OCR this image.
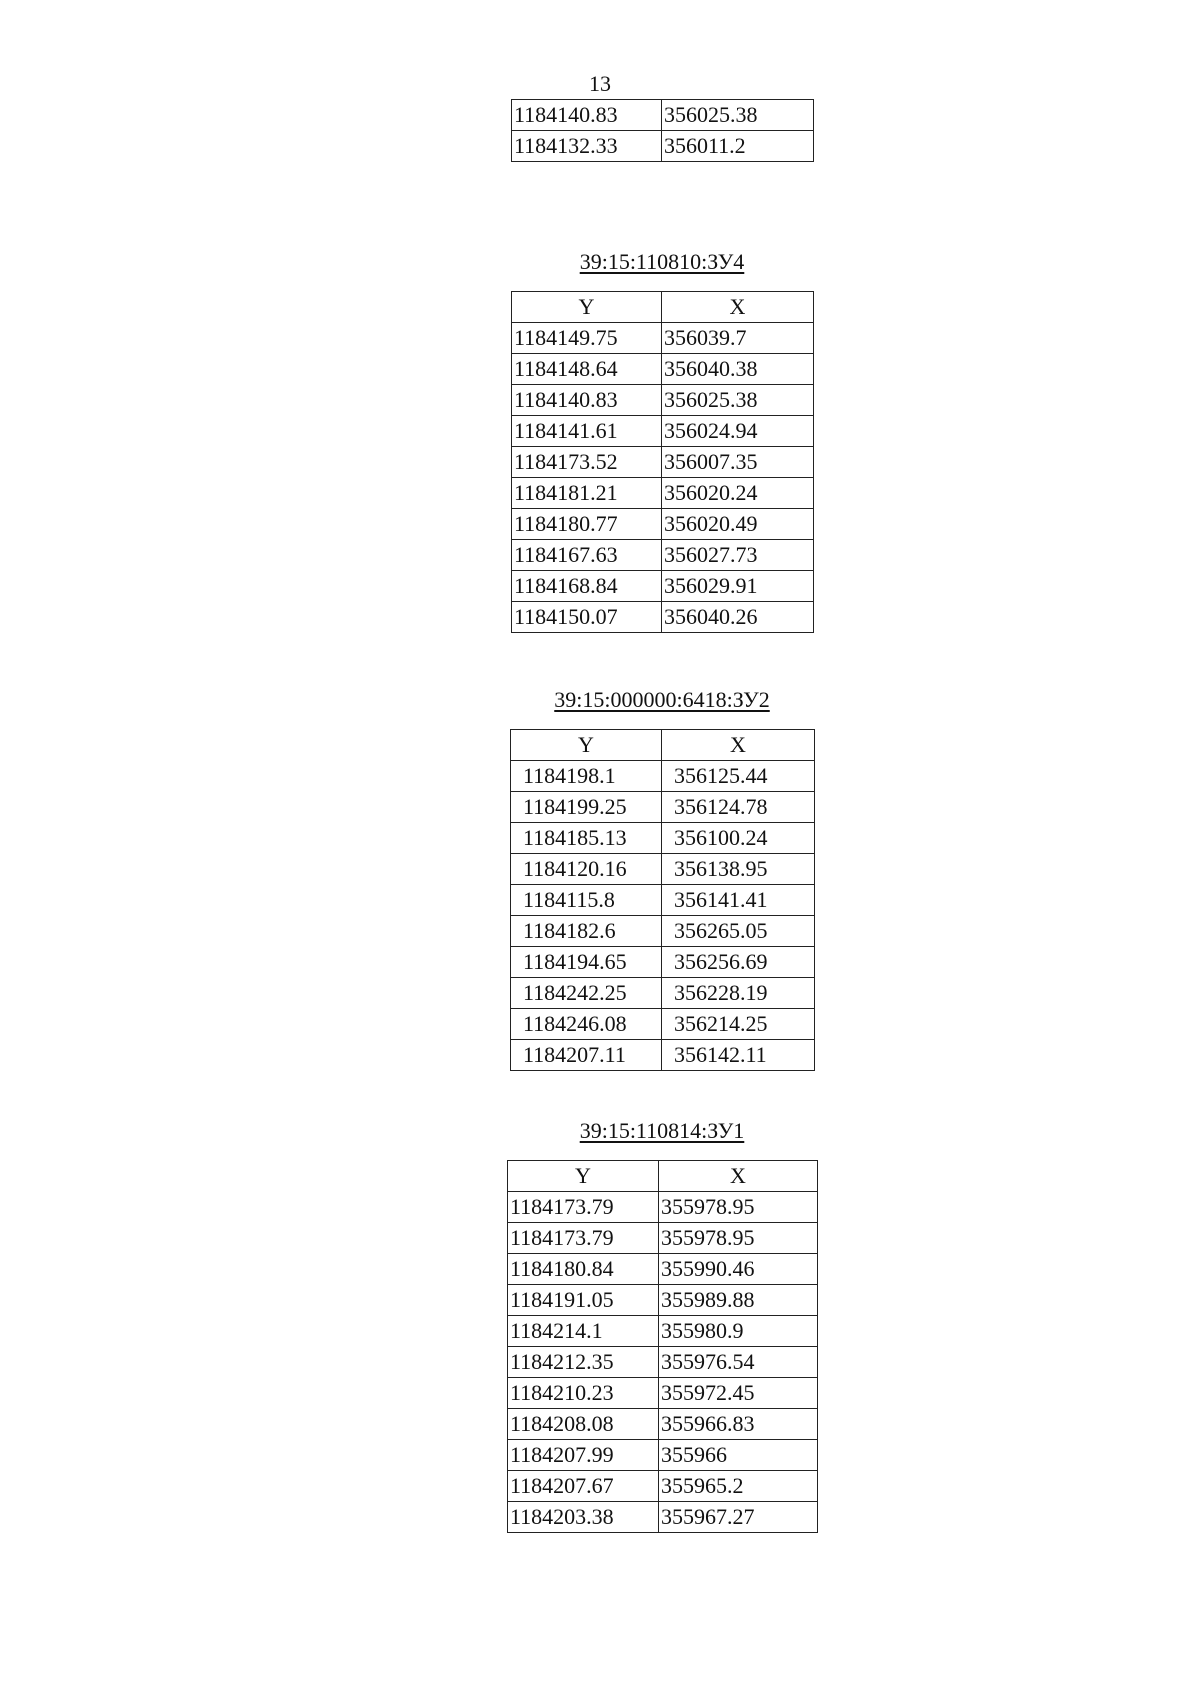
13
1184140.83	356025.38
1184132.33	356011.2
39:15:110810:ЗУ4
Y	X
1184149.75	356039.7
1184148.64	356040.38
1184140.83	356025.38
1184141.61	356024.94
1184173.52	356007.35
1184181.21	356020.24
1184180.77	356020.49
1184167.63	356027.73
1184168.84	356029.91
1184150.07	356040.26
39:15:000000:6418:ЗУ2
Y	X
1184198.1	356125.44
1184199.25	356124.78
1184185.13	356100.24
1184120.16	356138.95
1184115.8	356141.41
1184182.6	356265.05
1184194.65	356256.69
1184242.25	356228.19
1184246.08	356214.25
1184207.11	356142.11
39:15:110814:ЗУ1
Y	X
1184173.79	355978.95
1184173.79	355978.95
1184180.84	355990.46
1184191.05	355989.88
1184214.1	355980.9
1184212.35	355976.54
1184210.23	355972.45
1184208.08	355966.83
1184207.99	355966
1184207.67	355965.2
1184203.38	355967.27
